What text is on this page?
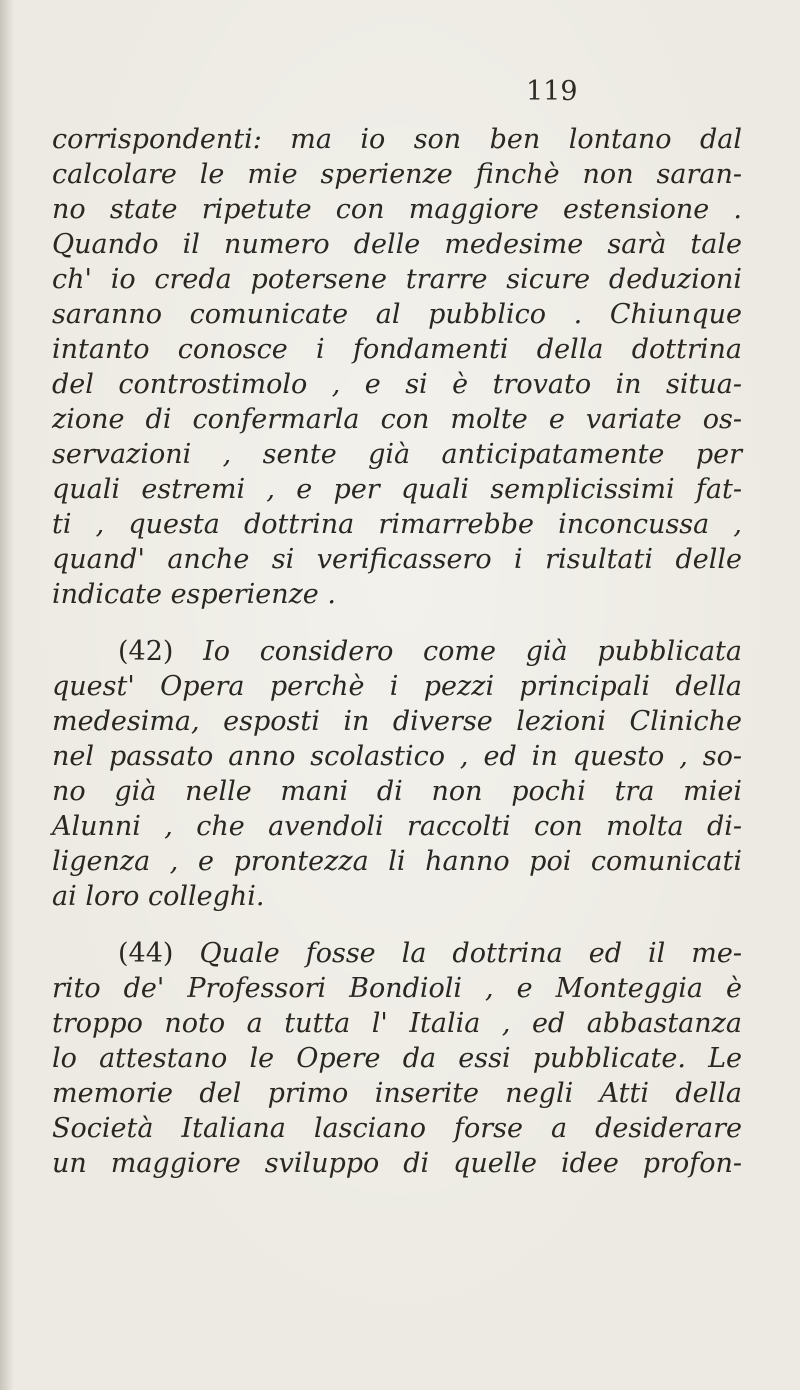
119
corrispondenti: ma io son ben lontano dal
calcolare le mie sperienze finchè non saran-
no state ripetute con maggiore estensione .
Quando il numero delle medesime sarà tale
ch' io creda potersene trarre sicure deduzioni
saranno comunicate al pubblico . Chiunque
intanto conosce i fondamenti della dottrina
del controstimolo , e si è trovato in situa-
zione di confermarla con molte e variate os-
servazioni , sente già anticipatamente per
quali estremi , e per quali semplicissimi fat-
ti , questa dottrina rimarrebbe inconcussa ,
quand' anche si verificassero i risultati delle
indicate esperienze .
(42) Io considero come già pubblicata
quest' Opera perchè i pezzi principali della
medesima, esposti in diverse lezioni Cliniche
nel passato anno scolastico , ed in questo , so-
no già nelle mani di non pochi tra miei
Alunni , che avendoli raccolti con molta di-
ligenza , e prontezza li hanno poi comunicati
ai loro colleghi.
(44) Quale fosse la dottrina ed il me-
rito de' Professori Bondioli , e Monteggia è
troppo noto a tutta l' Italia , ed abbastanza
lo attestano le Opere da essi pubblicate. Le
memorie del primo inserite negli Atti della
Società Italiana lasciano forse a desiderare
un maggiore sviluppo di quelle idee profon-
